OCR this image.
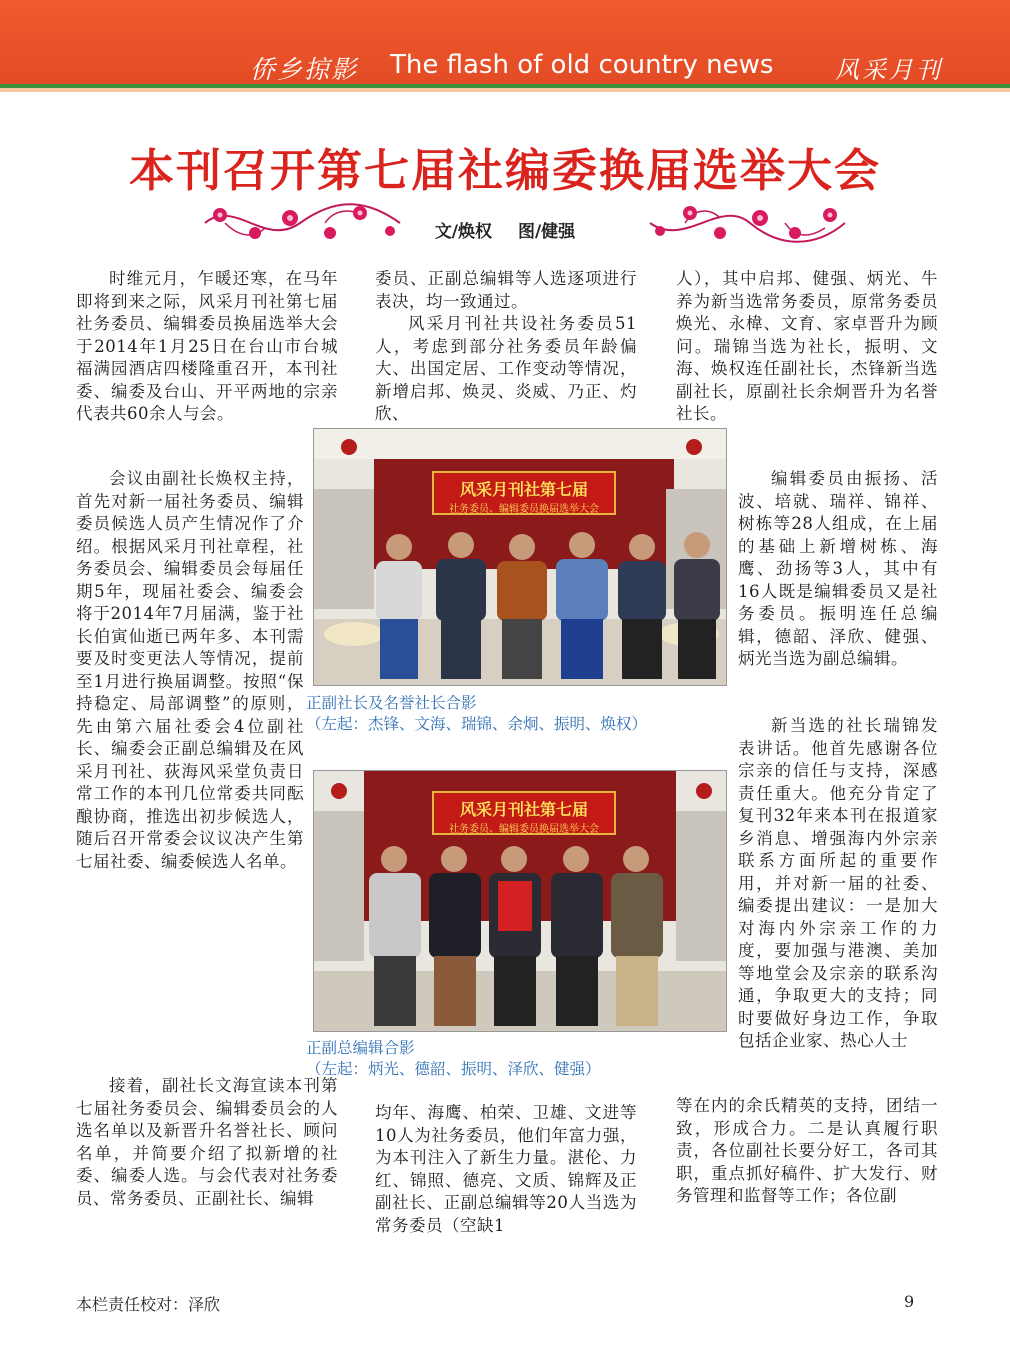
侨乡掠影 The flash of old country news	风采月刊
本刊召开第七届社编委换届选举大会
文/焕权 图/健强

时维元月，乍暖还寒，在马年即将到来之际，风采月刊社第七届社务委员、编辑委员换届选举大会于2014年1月25日在台山市台城福满园酒店四楼隆重召开，本刊社委、编委及台山、开平两地的宗亲代表共60余人与会。

会议由副社长焕权主持，首先对新一届社务委员、编辑委员候选人员产生情况作了介绍。根据风采月刊社章程，社务委员会、编辑委员会每届任期5年，现届社委会、编委会将于2014年7月届满，鉴于社长伯寅仙逝已两年多、本刊需要及时变更法人等情况，提前至1月进行换届调整。按照“保持稳定、局部调整”的原则，先由第六届社委会4位副社长、编委会正副总编辑及在风采月刊社、荻海风采堂负责日常工作的本刊几位常委共同酝酿协商，推选出初步候选人，随后召开常委会议议决产生第七届社委、编委候选人名单。

接着，副社长文海宣读本刊第七届社务委员会、编辑委员会的人选名单以及新晋升名誉社长、顾问名单，并简要介绍了拟新增的社委、编委人选。与会代表对社务委员、常务委员、正副社长、编辑

委员、正副总编辑等人选逐项进行表决，均一致通过。

风采月刊社共设社务委员51人，考虑到部分社务委员年龄偏大、出国定居、工作变动等情况，新增启邦、焕灵、炎威、乃正、灼欣、

均年、海鹰、柏荣、卫雄、文进等10人为社务委员，他们年富力强，为本刊注入了新生力量。湛伦、力红、锦照、德亮、文质、锦辉及正副社长、正副总编辑等20人当选为常务委员（空缺1

人），其中启邦、健强、炳光、牛养为新当选常务委员，原常务委员焕光、永椲、文育、家卓晋升为顾问。瑞锦当选为社长，振明、文海、焕权连任副社长，杰锋新当选副社长，原副社长余炯晋升为名誉社长。

编辑委员由振扬、活波、培就、瑞祥、锦祥、树栋等28人组成，在上届的基础上新增树栋、海鹰、劲扬等3人，其中有16人既是编辑委员又是社务委员。振明连任总编辑，德韶、泽欣、健强、炳光当选为副总编辑。

新当选的社长瑞锦发表讲话。他首先感谢各位宗亲的信任与支持，深感责任重大。他充分肯定了复刊32年来本刊在报道家乡消息、增强海内外宗亲联系方面所起的重要作用，并对新一届的社委、编委提出建议：一是加大对海内外宗亲工作的力度，要加强与港澳、美加等地堂会及宗亲的联系沟通，争取更大的支持；同时要做好身边工作，争取包括企业家、热心人士

等在内的余氏精英的支持，团结一致，形成合力。二是认真履行职责，各位副社长要分好工，各司其职，重点抓好稿件、扩大发行、财务管理和监督等工作；各位副

风采月刊社第七届
社务委员、编辑委员换届选举大会
正副社长及名誉社长合影
（左起：杰锋、文海、瑞锦、余炯、振明、焕权）
风采月刊社第七届
社务委员、编辑委员换届选举大会
正副总编辑合影
（左起：炳光、德韶、振明、泽欣、健强）
本栏责任校对：泽欣	9
